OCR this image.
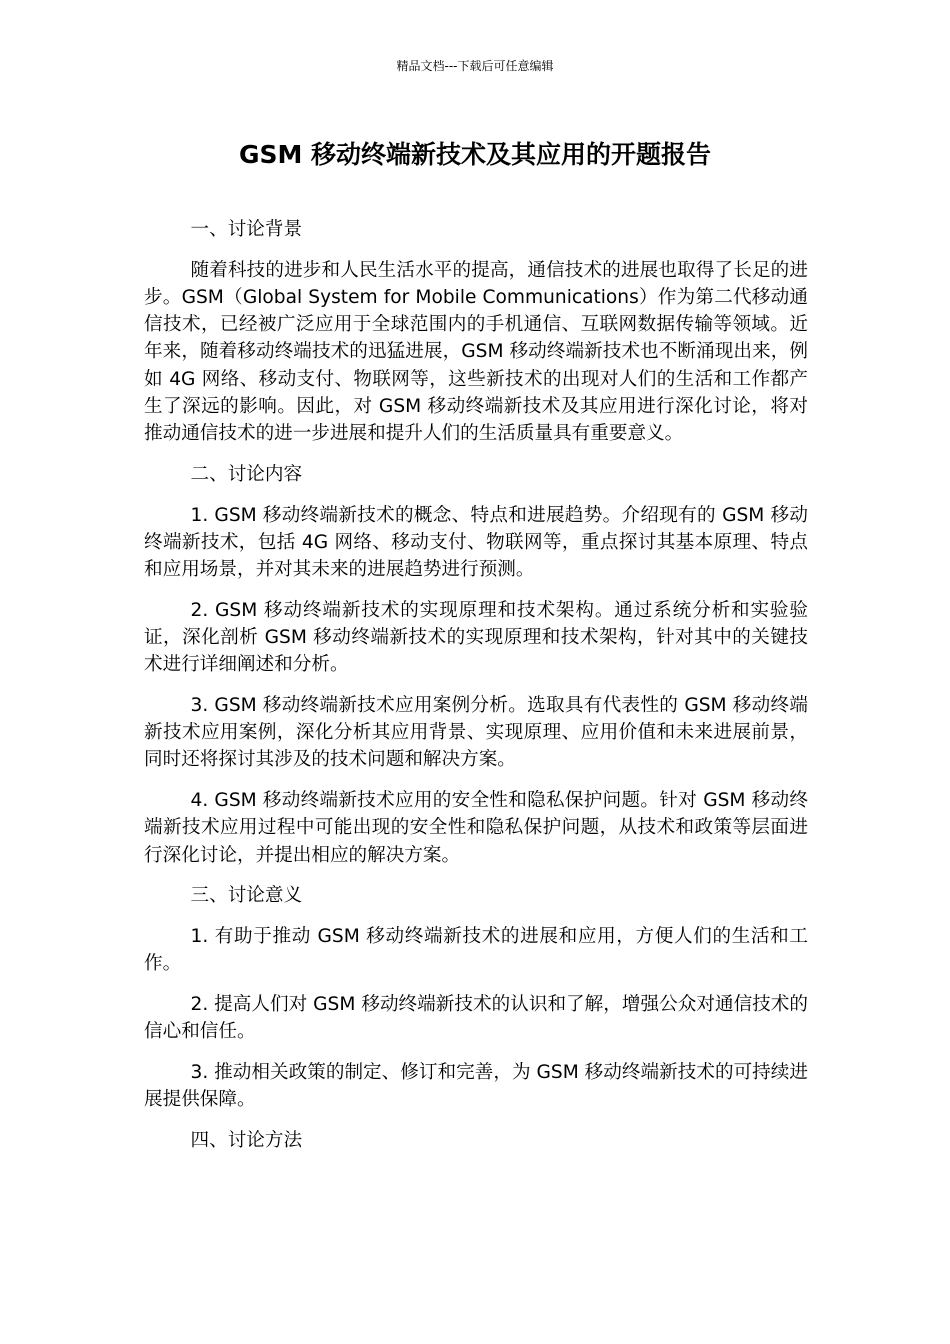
精品文档---下载后可任意编辑
GSM 移动终端新技术及其应用的开题报告

一、讨论背景

随着科技的进步和人民生活水平的提高，通信技术的进展也取得了长足的进步。GSM（Global System for Mobile Communications）作为第二代移动通信技术，已经被广泛应用于全球范围内的手机通信、互联网数据传输等领域。近年来，随着移动终端技术的迅猛进展，GSM 移动终端新技术也不断涌现出来，例如 4G 网络、移动支付、物联网等，这些新技术的出现对人们的生活和工作都产生了深远的影响。因此，对 GSM 移动终端新技术及其应用进行深化讨论，将对推动通信技术的进一步进展和提升人们的生活质量具有重要意义。

二、讨论内容

1. GSM 移动终端新技术的概念、特点和进展趋势。介绍现有的 GSM 移动终端新技术，包括 4G 网络、移动支付、物联网等，重点探讨其基本原理、特点和应用场景，并对其未来的进展趋势进行预测。

2. GSM 移动终端新技术的实现原理和技术架构。通过系统分析和实验验证，深化剖析 GSM 移动终端新技术的实现原理和技术架构，针对其中的关键技术进行详细阐述和分析。

3. GSM 移动终端新技术应用案例分析。选取具有代表性的 GSM 移动终端新技术应用案例，深化分析其应用背景、实现原理、应用价值和未来进展前景，同时还将探讨其涉及的技术问题和解决方案。

4. GSM 移动终端新技术应用的安全性和隐私保护问题。针对 GSM 移动终端新技术应用过程中可能出现的安全性和隐私保护问题，从技术和政策等层面进行深化讨论，并提出相应的解决方案。

三、讨论意义

1. 有助于推动 GSM 移动终端新技术的进展和应用，方便人们的生活和工作。

2. 提高人们对 GSM 移动终端新技术的认识和了解，增强公众对通信技术的信心和信任。

3. 推动相关政策的制定、修订和完善，为 GSM 移动终端新技术的可持续进展提供保障。

四、讨论方法
